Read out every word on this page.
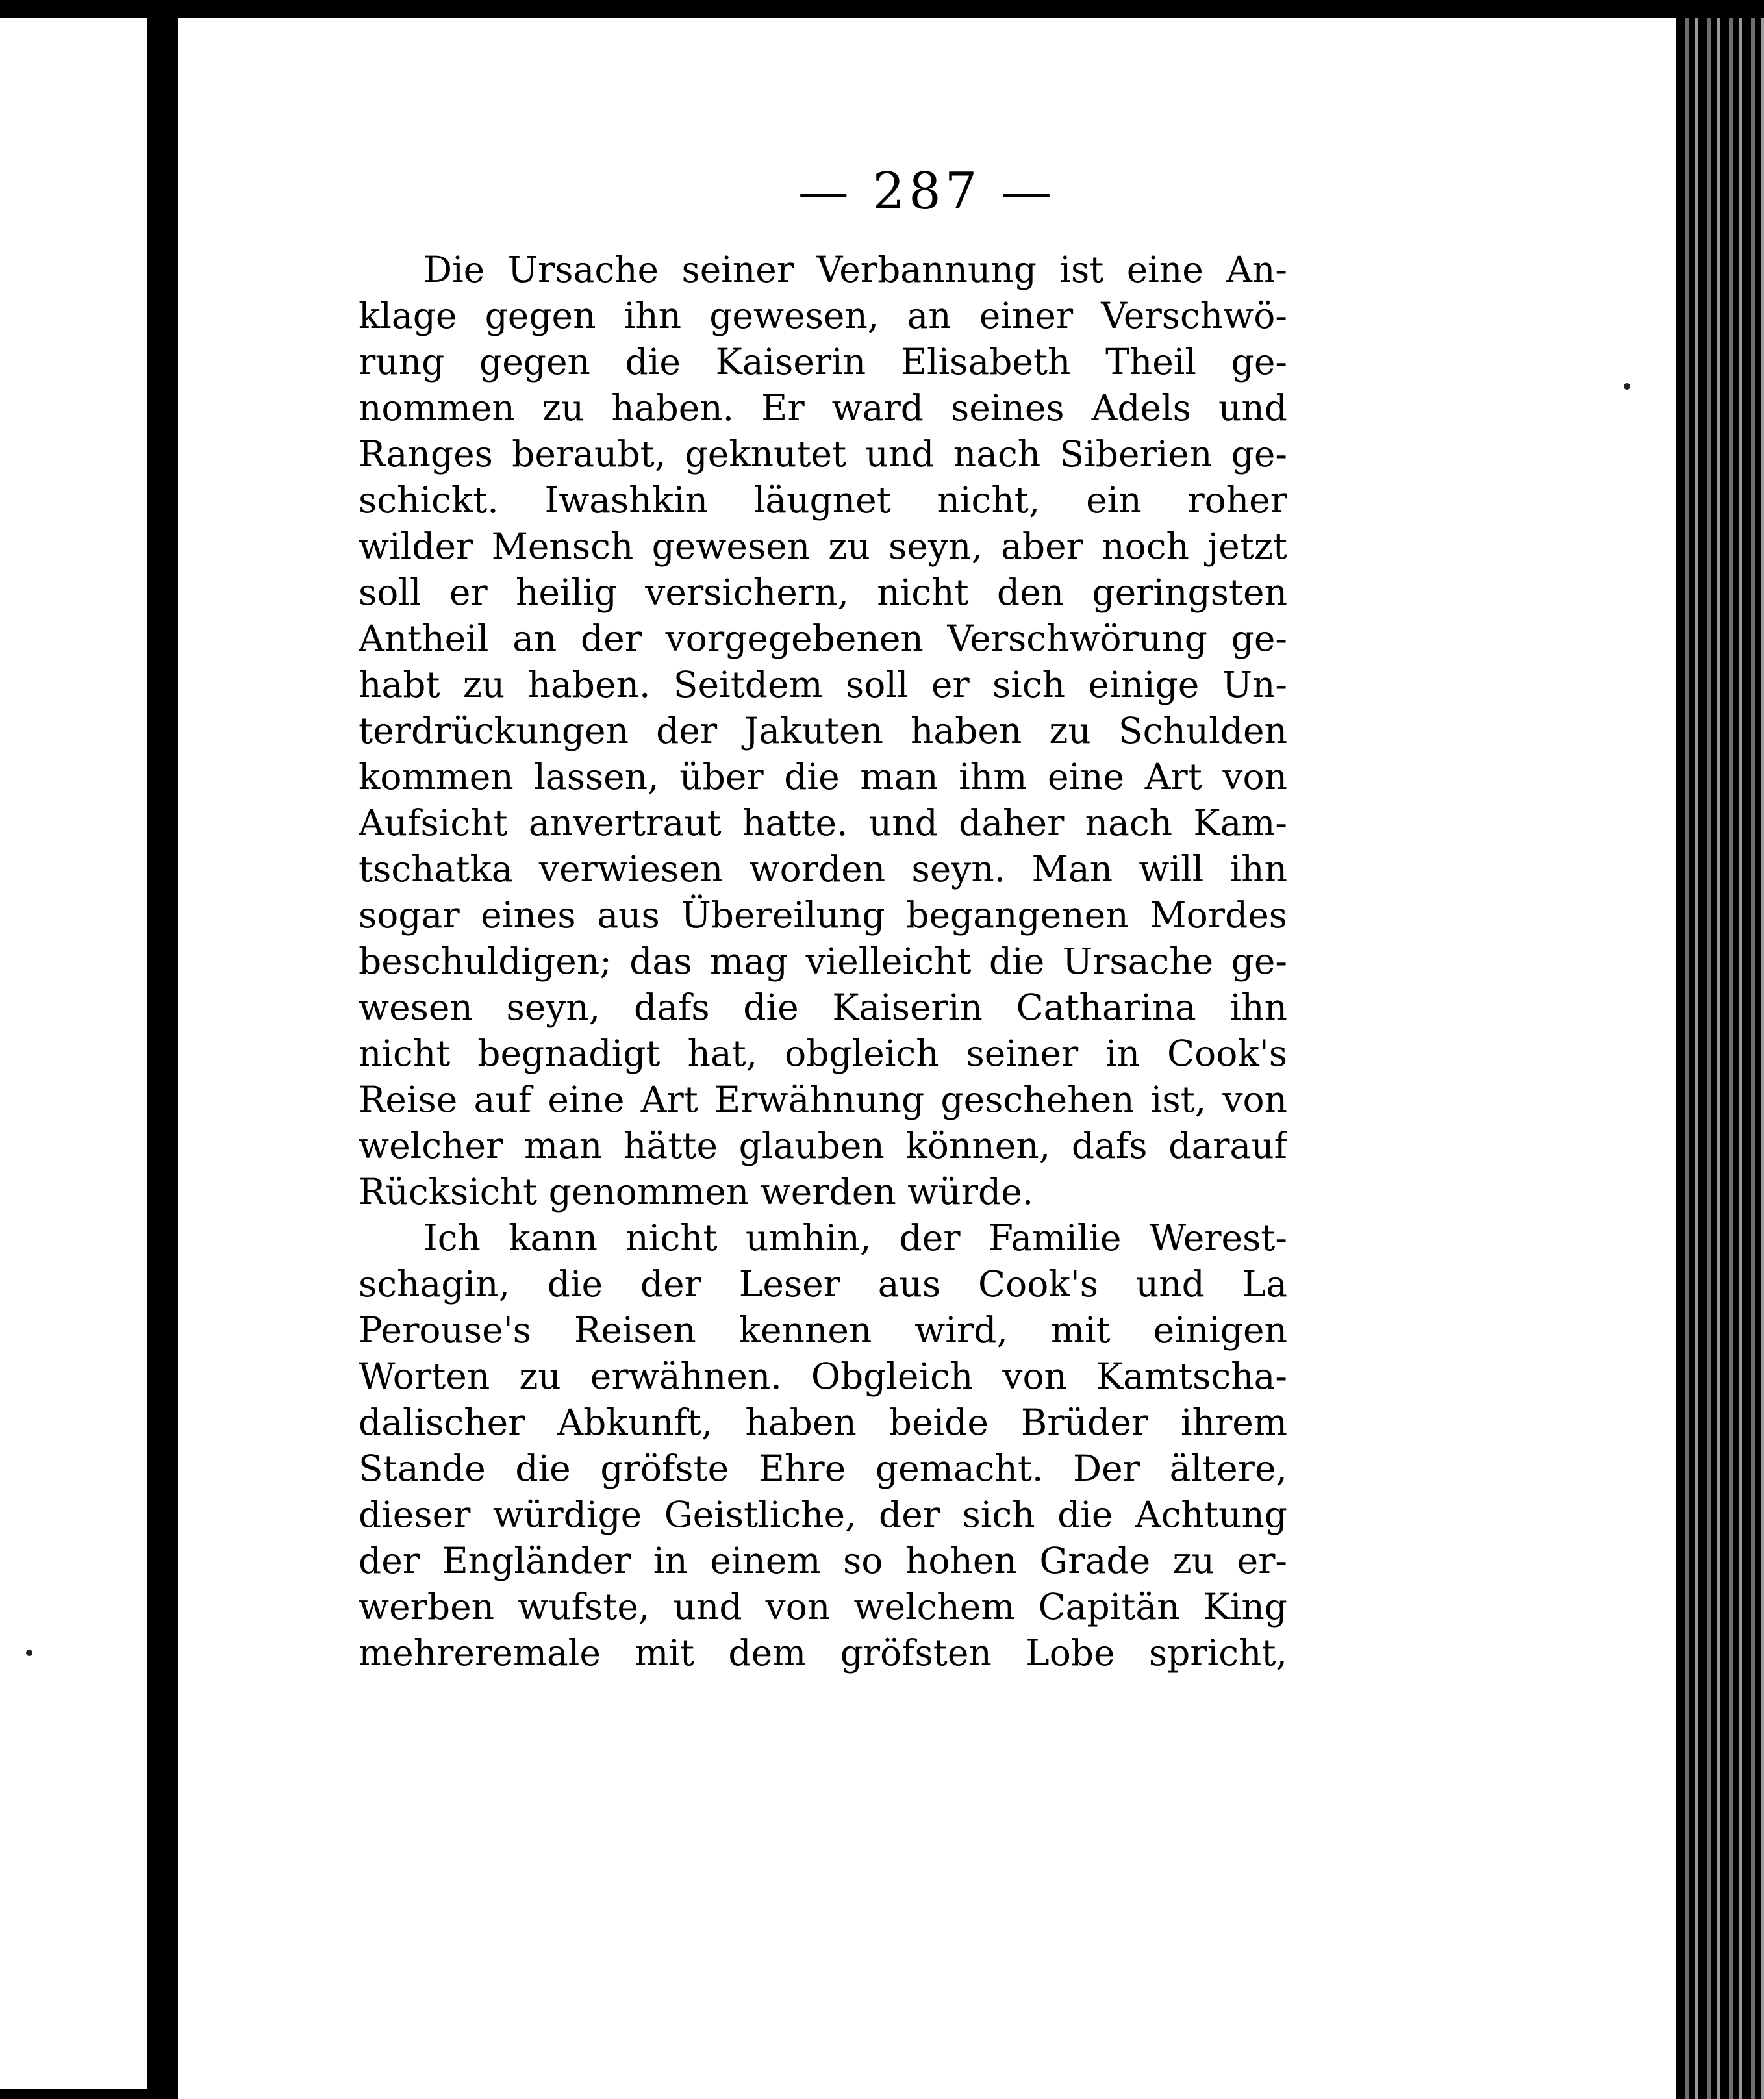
— 287 —
Die Ursache seiner Verbannung ist eine An-
klage gegen ihn gewesen, an einer Verschwö-
rung gegen die Kaiserin Elisabeth Theil ge-
nommen zu haben. Er ward seines Adels und
Ranges beraubt, geknutet und nach Siberien ge-
schickt. Iwashkin läugnet nicht, ein roher
wilder Mensch gewesen zu seyn, aber noch jetzt
soll er heilig versichern, nicht den geringsten
Antheil an der vorgegebenen Verschwörung ge-
habt zu haben. Seitdem soll er sich einige Un-
terdrückungen der Jakuten haben zu Schulden
kommen lassen, über die man ihm eine Art von
Aufsicht anvertraut hatte. und daher nach Kam-
tschatka verwiesen worden seyn. Man will ihn
sogar eines aus Übereilung begangenen Mordes
beschuldigen; das mag vielleicht die Ursache ge-
wesen seyn, dafs die Kaiserin Catharina ihn
nicht begnadigt hat, obgleich seiner in Cook's
Reise auf eine Art Erwähnung geschehen ist, von
welcher man hätte glauben können, dafs darauf
Rücksicht genommen werden würde.
Ich kann nicht umhin, der Familie Werest-
schagin, die der Leser aus Cook's und La
Perouse's Reisen kennen wird, mit einigen
Worten zu erwähnen. Obgleich von Kamtscha-
dalischer Abkunft, haben beide Brüder ihrem
Stande die gröfste Ehre gemacht. Der ältere,
dieser würdige Geistliche, der sich die Achtung
der Engländer in einem so hohen Grade zu er-
werben wufste, und von welchem Capitän King
mehreremale mit dem gröfsten Lobe spricht,
